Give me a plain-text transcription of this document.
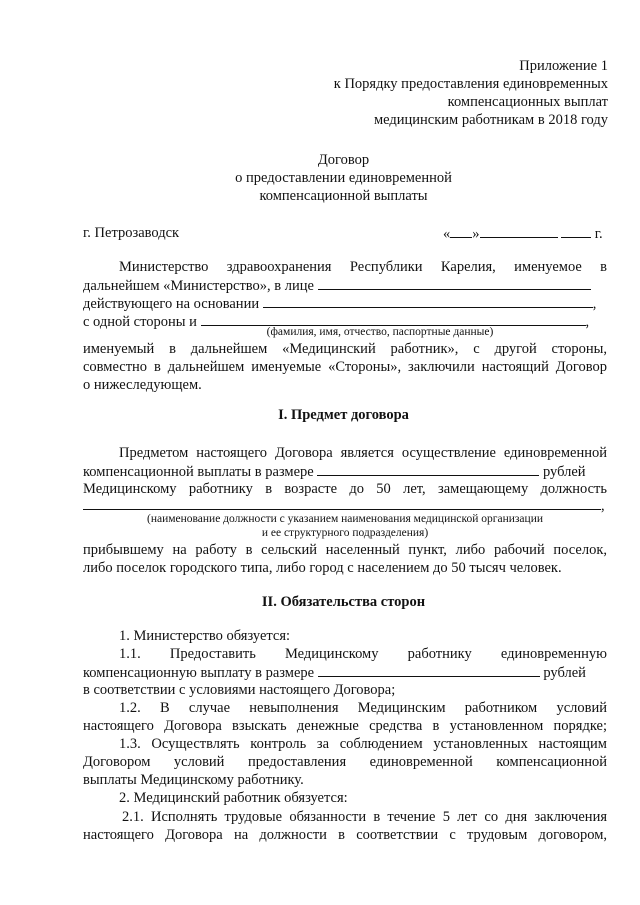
Приложение 1
к Порядку предоставления единовременных
компенсационных выплат
медицинским работникам в 2018 году
Договор
о предоставлении единовременной
компенсационной выплаты
г. Петрозаводск	« »	г.
Министерство здравоохранения Республики Карелия, именуемое в
дальнейшем «Министерство», в лице
действующего на основании	,
с одной стороны и	,
(фамилия, имя, отчество, паспортные данные)
именуемый в дальнейшем «Медицинский работник», с другой стороны,
совместно в дальнейшем именуемые «Стороны», заключили настоящий Договор
о нижеследующем.
I. Предмет договора
Предметом настоящего Договора является осуществление единовременной
компенсационной выплаты в размере	рублей
Медицинскому работнику в возрасте до 50 лет, замещающему должность
,
(наименование должности с указанием наименования медицинской организации
и ее структурного подразделения)
прибывшему на работу в сельский населенный пункт, либо рабочий поселок,
либо поселок городского типа, либо город с населением до 50 тысяч человек.
II. Обязательства сторон
1. Министерство обязуется:
1.1. Предоставить Медицинскому работнику единовременную
компенсационную выплату в размере	рублей
в соответствии с условиями настоящего Договора;
1.2. В случае невыполнения Медицинским работником условий
настоящего Договора взыскать денежные средства в установленном порядке;
1.3. Осуществлять контроль за соблюдением установленных настоящим
Договором условий предоставления единовременной компенсационной
выплаты Медицинскому работнику.
2. Медицинский работник обязуется:
2.1. Исполнять трудовые обязанности в течение 5 лет со дня заключения
настоящего Договора на должности в соответствии с трудовым договором,
